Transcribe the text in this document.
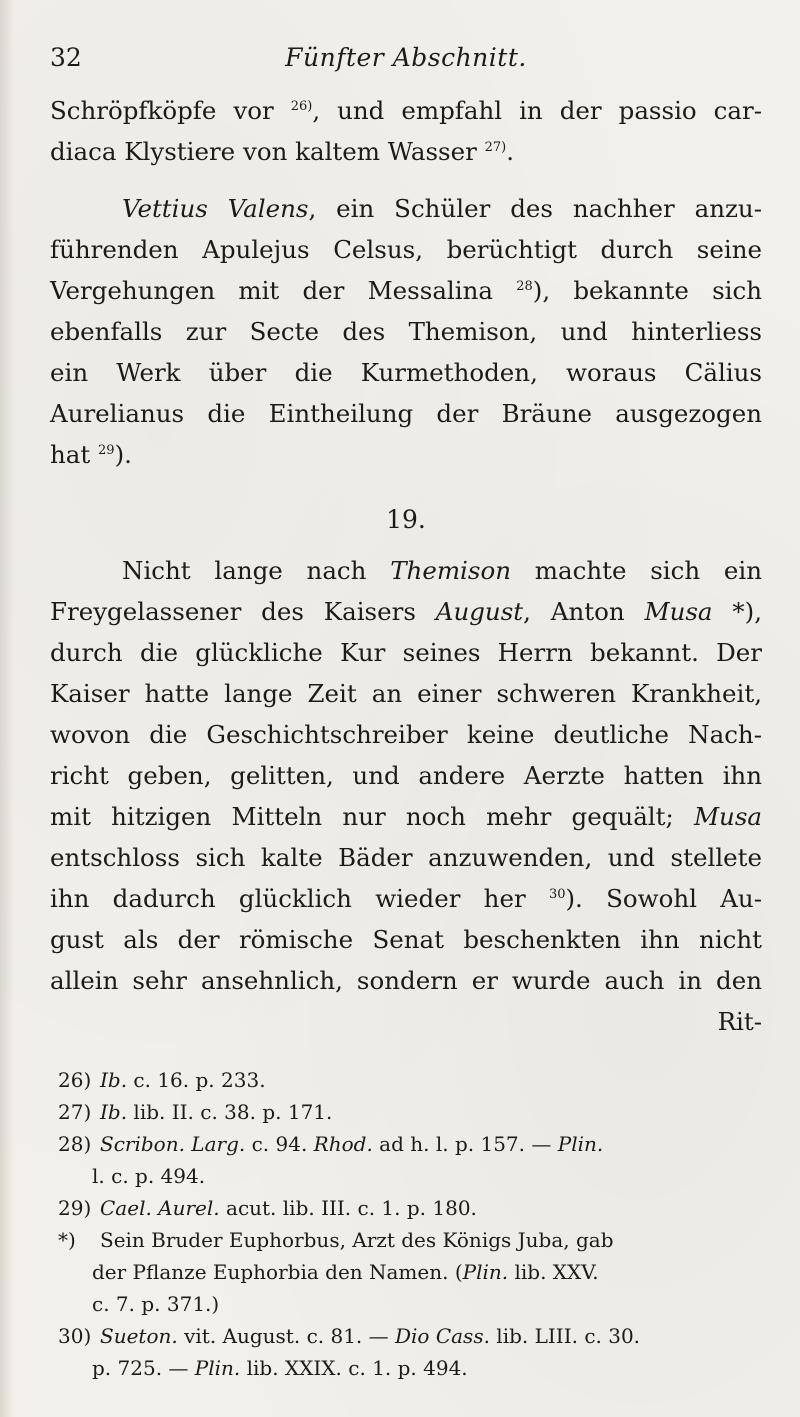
32	Fünfter Abschnitt.
Schröpfköpfe vor $^{26)}$, und empfahl in der passio car-
diaca Klystiere von kaltem Wasser $^{27)}$.
Vettius Valens, ein Schüler des nachher anzu-
führenden Apulejus Celsus, berüchtigt durch seine
Vergehungen mit der Messalina $^{28}$), bekannte sich
ebenfalls zur Secte des Themison, und hinterliess
ein Werk über die Kurmethoden, woraus Cälius
Aurelianus die Eintheilung der Bräune ausgezogen
hat $^{29}$).
19.
Nicht lange nach Themison machte sich ein
Freygelassener des Kaisers August, Anton Musa *),
durch die glückliche Kur seines Herrn bekannt. Der
Kaiser hatte lange Zeit an einer schweren Krankheit,
wovon die Geschichtschreiber keine deutliche Nach-
richt geben, gelitten, und andere Aerzte hatten ihn
mit hitzigen Mitteln nur noch mehr gequält; Musa
entschloss sich kalte Bäder anzuwenden, und stellete
ihn dadurch glücklich wieder her $^{30}$). Sowohl Au-
gust als der römische Senat beschenkten ihn nicht
allein sehr ansehnlich, sondern er wurde auch in den
Rit-
26) Ib. c. 16. p. 233.
27) Ib. lib. II. c. 38. p. 171.
28) Scribon. Larg. c. 94. Rhod. ad h. l. p. 157. — Plin.
l. c. p. 494.
29) Cael. Aurel. acut. lib. III. c. 1. p. 180.
*) Sein Bruder Euphorbus, Arzt des Königs Juba, gab
der Pflanze Euphorbia den Namen. (Plin. lib. XXV.
c. 7. p. 371.)
30) Sueton. vit. August. c. 81. — Dio Cass. lib. LIII. c. 30.
p. 725. — Plin. lib. XXIX. c. 1. p. 494.
